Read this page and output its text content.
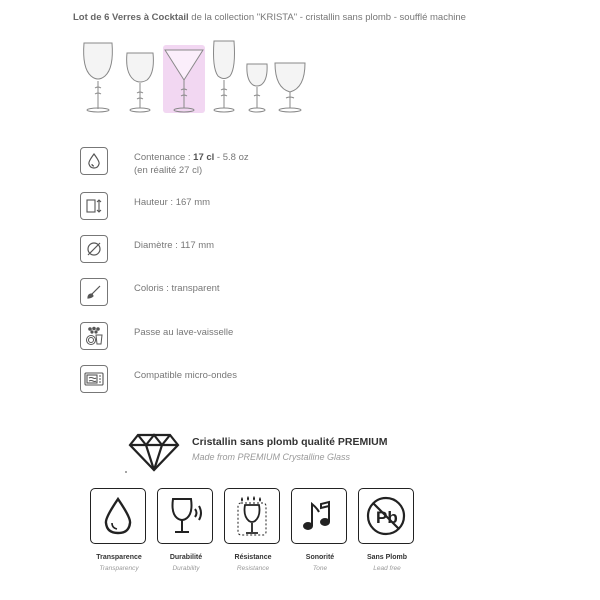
Lot de 6 Verres à Cocktail de la collection "KRISTA" - cristallin sans plomb - soufflé machine
Contenance : 17 cl - 5.8 oz
(en réalité 27 cl)
Hauteur : 167 mm
Diamètre : 117 mm
Coloris : transparent
Passe au lave-vaisselle
Compatible micro-ondes
Cristallin sans plomb qualité PREMIUM
Made from PREMIUM Crystalline Glass
Transparence
Transparency
Durabilité
Durability
Résistance
Resistance
Sonorité
Tone
Pb
Sans Plomb
Lead free
